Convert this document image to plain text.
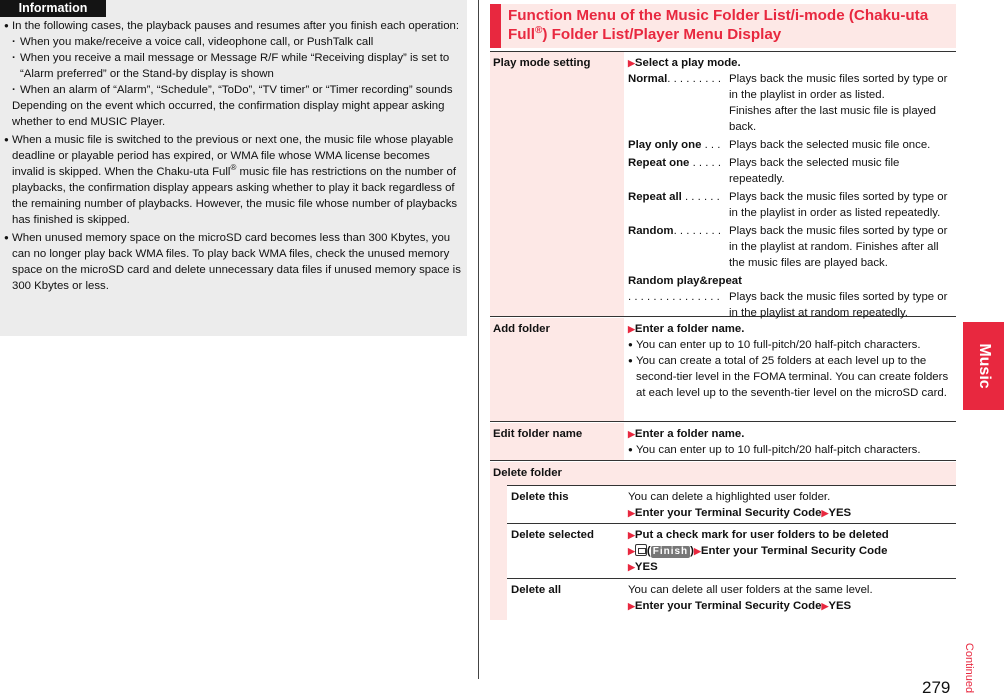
Information
● In the following cases, the playback pauses and resumes after you finish each operation:
· When you make/receive a voice call, videophone call, or PushTalk call
· When you receive a mail message or Message R/F while “Receiving display” is set to “Alarm preferred” or the Stand-by display is shown
· When an alarm of “Alarm”, “Schedule”, “ToDo”, “TV timer” or “Timer recording” sounds
Depending on the event which occurred, the confirmation display might appear asking whether to end MUSIC Player.
● When a music file is switched to the previous or next one, the music file whose playable deadline or playable period has expired, or WMA file whose WMA license becomes invalid is skipped. When the Chaku-uta Full® music file has restrictions on the number of playbacks, the confirmation display appears asking whether to play it back regardless of the remaining number of playbacks. However, the music file whose number of playbacks has finished is skipped.
● When unused memory space on the microSD card becomes less than 300 Kbytes, you can no longer play back WMA files. To play back WMA files, check the unused memory space on the microSD card and delete unnecessary data files if unused memory space is 300 Kbytes or less.
Function Menu of the Music Folder List/i-mode (Chaku-uta Full®) Folder List/Player Menu Display
Play mode setting	▶Select a play mode.
Normal. . . . . . . . . Plays back the music files sorted by type or in the playlist in order as listed.
Finishes after the last music file is played back.
Play only one . . . Plays back the selected music file once.
Repeat one . . . . . Plays back the selected music file repeatedly.
Repeat all . . . . . . Plays back the music files sorted by type or in the playlist in order as listed repeatedly.
Random. . . . . . . . Plays back the music files sorted by type or in the playlist at random. Finishes after all the music files are played back.
Random play&repeat
. . . . . . . . . . . . . . . Plays back the music files sorted by type or in the playlist at random repeatedly.
Add folder	▶Enter a folder name.
● You can enter up to 10 full-pitch/20 half-pitch characters.
● You can create a total of 25 folders at each level up to the second-tier level in the FOMA terminal. You can create folders at each level up to the seventh-tier level on the microSD card.
Edit folder name	▶Enter a folder name.
● You can enter up to 10 full-pitch/20 half-pitch characters.
Delete folder
Delete this	You can delete a highlighted user folder.
▶Enter your Terminal Security Code▶YES
Delete selected	▶Put a check mark for user folders to be deleted
▶ ( Finish )▶Enter your Terminal Security Code
▶YES
Delete all	You can delete all user folders at the same level.
▶Enter your Terminal Security Code▶YES
Music
Continued
279
